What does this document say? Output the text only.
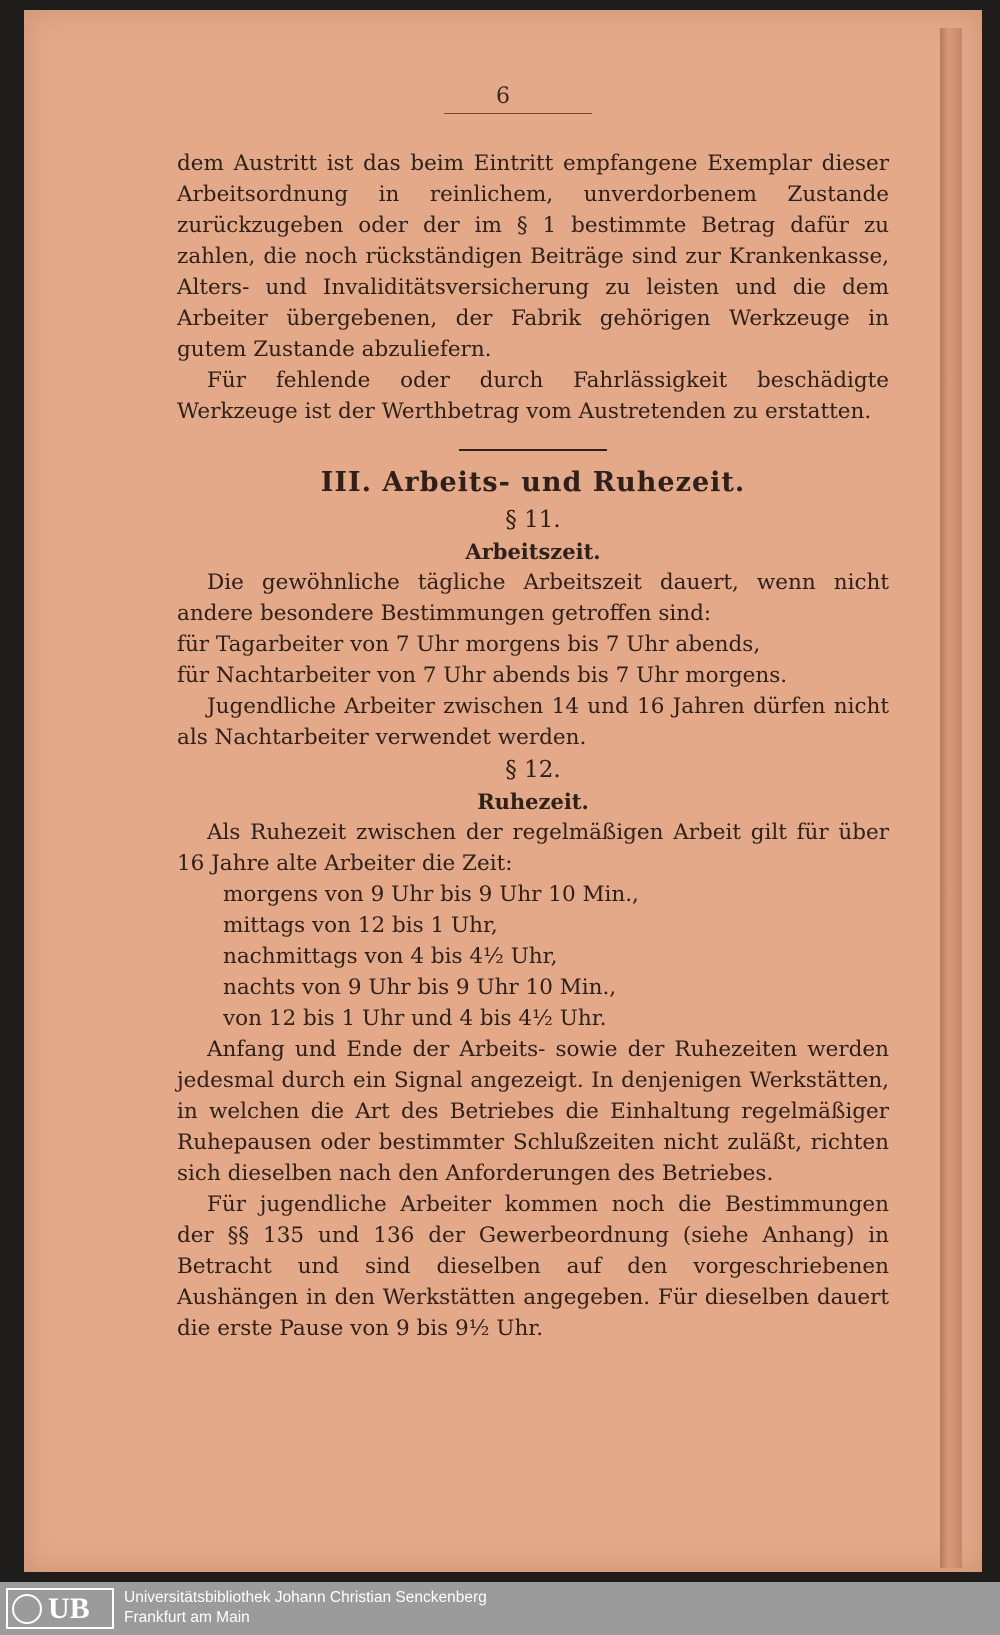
6

dem Austritt ist das beim Eintritt empfangene Exemplar dieser Arbeitsordnung in reinlichem, unverdorbenem Zustande zurückzugeben oder der im § 1 bestimmte Betrag dafür zu zahlen, die noch rückständigen Beiträge sind zur Krankenkasse, Alters- und Invaliditätsversicherung zu leisten und die dem Arbeiter übergebenen, der Fabrik gehörigen Werkzeuge in gutem Zustande abzuliefern.

Für fehlende oder durch Fahrlässigkeit beschädigte Werkzeuge ist der Werthbetrag vom Austretenden zu erstatten.

III. Arbeits- und Ruhezeit.

§ 11.

Arbeitszeit.

Die gewöhnliche tägliche Arbeitszeit dauert, wenn nicht andere besondere Bestimmungen getroffen sind:

für Tagarbeiter von 7 Uhr morgens bis 7 Uhr abends,

für Nachtarbeiter von 7 Uhr abends bis 7 Uhr morgens.

Jugendliche Arbeiter zwischen 14 und 16 Jahren dürfen nicht als Nachtarbeiter verwendet werden.

§ 12.

Ruhezeit.

Als Ruhezeit zwischen der regelmäßigen Arbeit gilt für über 16 Jahre alte Arbeiter die Zeit:

morgens von 9 Uhr bis 9 Uhr 10 Min.,
mittags von 12 bis 1 Uhr,
nachmittags von 4 bis 4½ Uhr,
nachts von 9 Uhr bis 9 Uhr 10 Min.,
von 12 bis 1 Uhr und 4 bis 4½ Uhr.

Anfang und Ende der Arbeits- sowie der Ruhezeiten werden jedesmal durch ein Signal angezeigt. In denjenigen Werkstätten, in welchen die Art des Betriebes die Einhaltung regelmäßiger Ruhepausen oder bestimmter Schlußzeiten nicht zuläßt, richten sich dieselben nach den Anforderungen des Betriebes.

Für jugendliche Arbeiter kommen noch die Bestimmungen der §§ 135 und 136 der Gewerbeordnung (siehe Anhang) in Betracht und sind dieselben auf den vorgeschriebenen Aushängen in den Werkstätten angegeben. Für dieselben dauert die erste Pause von 9 bis 9½ Uhr.

UB Universitätsbibliothek Johann Christian Senckenberg
Frankfurt am Main
